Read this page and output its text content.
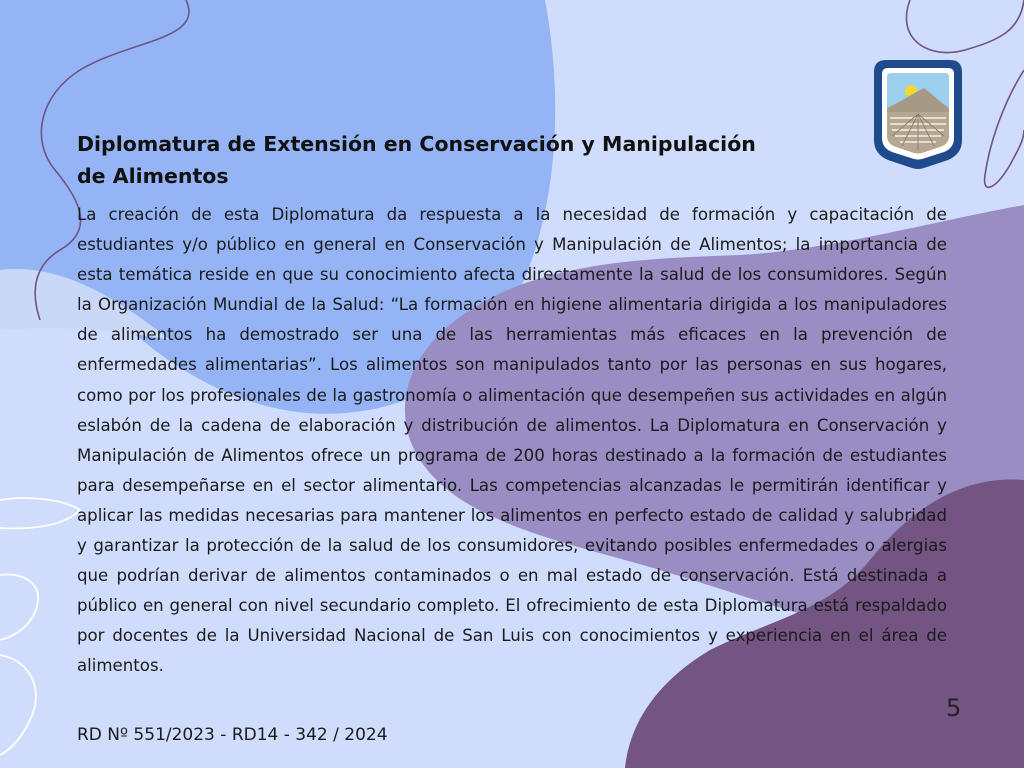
Diplomatura de Extensión en Conservación y Manipulación de Alimentos

La creación de esta Diplomatura da respuesta a la necesidad de formación y capacitación de estudiantes y/o público en general en Conservación y Manipulación de Alimentos; la importancia de esta temática reside en que su conocimiento afecta directamente la salud de los consumidores. Según la Organización Mundial de la Salud: “La formación en higiene alimentaria dirigida a los manipuladores de alimentos ha demostrado ser una de las herramientas más eficaces en la prevención de enfermedades alimentarias”. Los alimentos son manipulados tanto por las personas en sus hogares, como por los profesionales de la gastronomía o alimentación que desempeñen sus actividades en algún eslabón de la cadena de elaboración y distribución de alimentos. La Diplomatura en Conservación y Manipulación de Alimentos ofrece un programa de 200 horas destinado a la formación de estudiantes para desempeñarse en el sector alimentario. Las competencias alcanzadas le permitirán identificar y aplicar las medidas necesarias para mantener los alimentos en perfecto estado de calidad y salubridad y garantizar la protección de la salud de los consumidores, evitando posibles enfermedades o alergias que podrían derivar de alimentos contaminados o en mal estado de conservación. Está destinada a público en general con nivel secundario completo. El ofrecimiento de esta Diplomatura está respaldado por docentes de la Universidad Nacional de San Luis con conocimientos y experiencia en el área de alimentos.

RD Nº 551/2023 - RD14 - 342 / 2024

5
